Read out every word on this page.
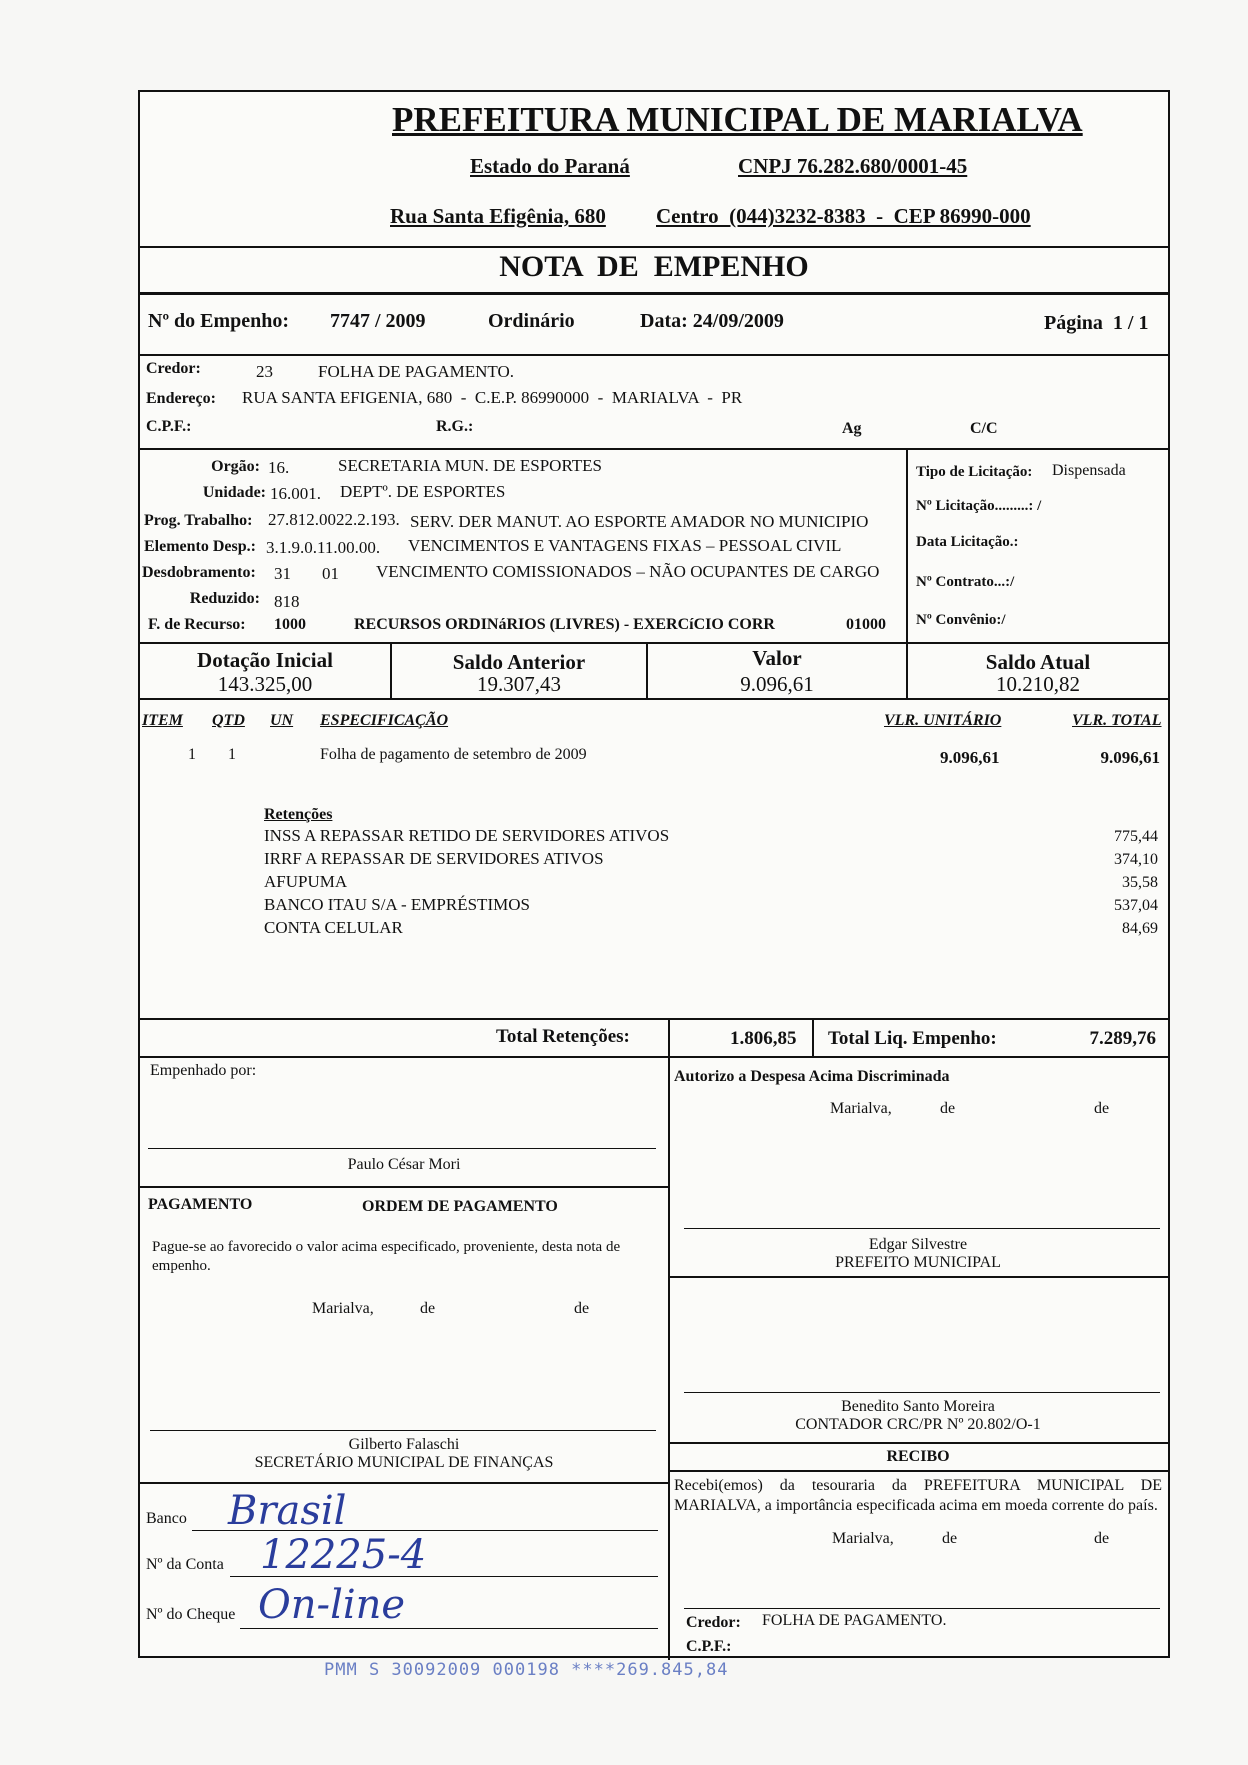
PREFEITURA MUNICIPAL DE MARIALVA
Estado do Paraná	CNPJ 76.282.680/0001-45
Rua Santa Efigênia, 680 Centro  (044)3232-8383  -  CEP 86990-000
NOTA  DE  EMPENHO
Nº do Empenho: 7747 / 2009	Ordinário	Data: 24/09/2009	Página  1 / 1
Credor:	23	FOLHA DE PAGAMENTO.
Endereço: RUA SANTA EFIGENIA, 680  -  C.E.P. 86990000  -  MARIALVA  -  PR
C.P.F.:	R.G.:	Ag	C/C
Orgão: 16.	SECRETARIA MUN. DE ESPORTES
Unidade: 16.001. DEPTº. DE ESPORTES
Prog. Trabalho: 27.812.0022.2.193. SERV. DER MANUT. AO ESPORTE AMADOR NO MUNICIPIO
Elemento Desp.: 3.1.9.0.11.00.00. VENCIMENTOS E VANTAGENS FIXAS – PESSOAL CIVIL
Desdobramento: 31 01 VENCIMENTO COMISSIONADOS – NÃO OCUPANTES DE CARGO
Reduzido: 818
F. de Recurso: 1000	RECURSOS ORDINáRIOS (LIVRES) - EXERCíCIO CORR	01000
Tipo de Licitação: Dispensada
Nº Licitação.........: /
Data Licitação.:
Nº Contrato...:/
Nº Convênio:/
Dotação Inicial
143.325,00
Saldo Anterior
19.307,43
Valor
9.096,61
Saldo Atual
10.210,82
ITEM QTD UN ESPECIFICAÇÃO	VLR. UNITÁRIO	VLR. TOTAL
1 1	Folha de pagamento de setembro de 2009	9.096,61	9.096,61
Retenções
INSS A REPASSAR RETIDO DE SERVIDORES ATIVOS	775,44
IRRF A REPASSAR DE SERVIDORES ATIVOS	374,10
AFUPUMA	35,58
BANCO ITAU S/A - EMPRÉSTIMOS	537,04
CONTA CELULAR	84,69
Total Retenções:	1.806,85 Total Liq. Empenho:	7.289,76
Empenhado por:
Paulo César Mori
Autorizo a Despesa Acima Discriminada
Marialva,	de	de
Edgar Silvestre
PREFEITO MUNICIPAL
PAGAMENTO	ORDEM DE PAGAMENTO
Pague-se ao favorecido o valor acima especificado, proveniente, desta nota de empenho.
Marialva,	de	de
Gilberto Falaschi
SECRETÁRIO MUNICIPAL DE FINANÇAS
Benedito Santo Moreira
CONTADOR CRC/PR Nº 20.802/O-1
Banco Brasil
Nº da Conta 12225-4
Nº do Cheque On-line
RECIBO
Recebi(emos) da tesouraria da PREFEITURA MUNICIPAL DE MARIALVA, a importância especificada acima em moeda corrente do país.
Marialva,	de	de
Credor: FOLHA DE PAGAMENTO.
C.P.F.:
PMM S 30092009 000198 ****269.845,84
